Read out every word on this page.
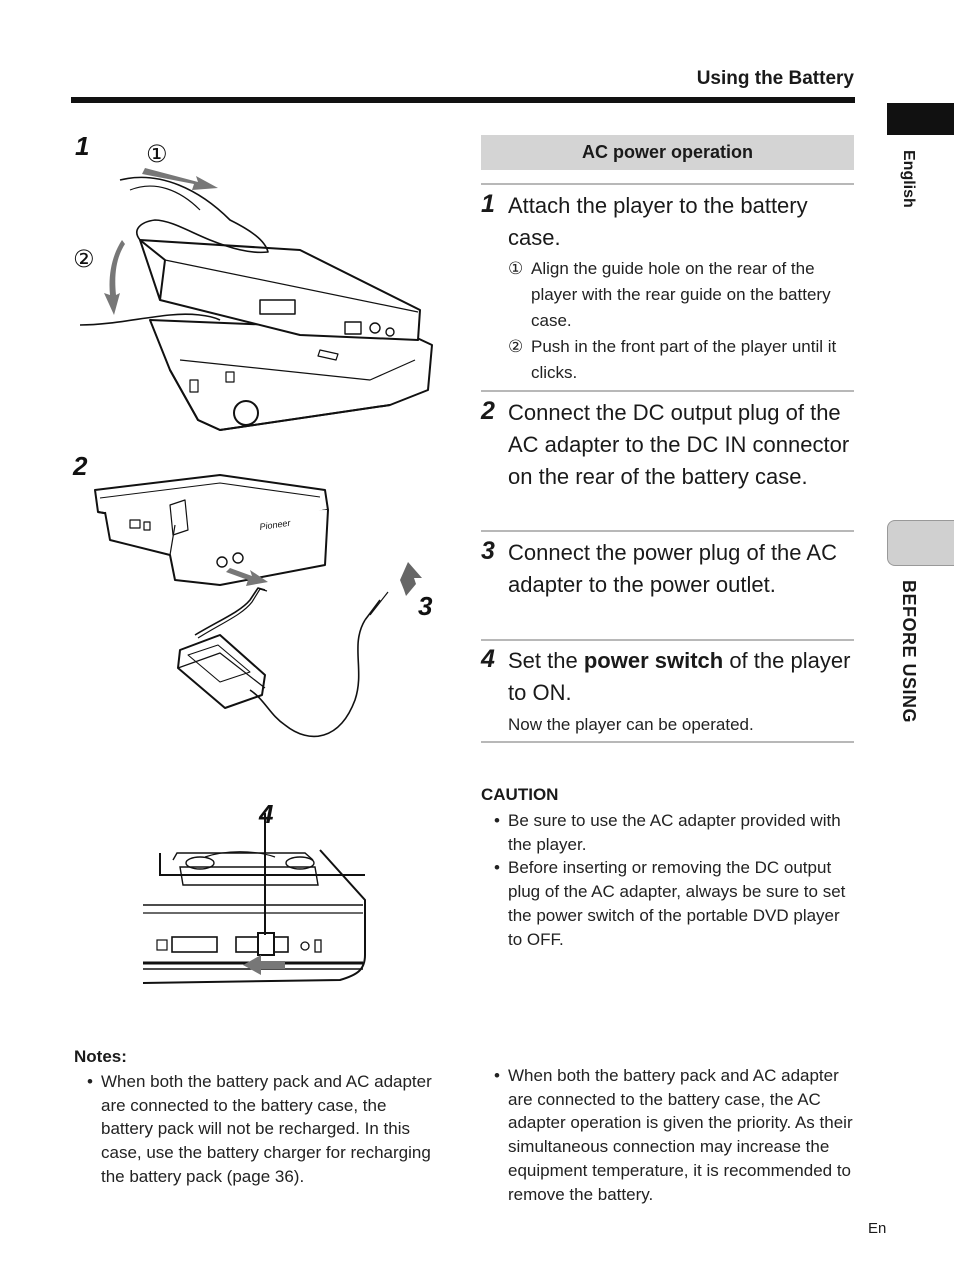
Using the Battery
English
BEFORE USING
1 ①
②
2
3
Pioneer
4
AC power operation
1 Attach the player to the battery case.
① Align the guide hole on the rear of the player with the rear guide on the battery case.
② Push in the front part of the player until it clicks.
2 Connect the DC output plug of the AC adapter to the DC IN connector on the rear of the battery case.
3 Connect the power plug of the AC adapter to the power outlet.
4 Set the power switch of the player to ON.
Now the player can be operated.
CAUTION
• Be sure to use the AC adapter provided with the player.
• Before inserting or removing the DC output plug of the AC adapter, always be sure to set the power switch of the portable DVD player to OFF.
Notes:
• When both the battery pack and AC adapter are connected to the battery case, the battery pack will not be recharged. In this case, use the battery charger for recharging the battery pack (page 36).
• When both the battery pack and AC adapter are connected to the battery case, the AC adapter operation is given the priority. As their simultaneous connection may increase the equipment temperature, it is recommended to remove the battery.
En
